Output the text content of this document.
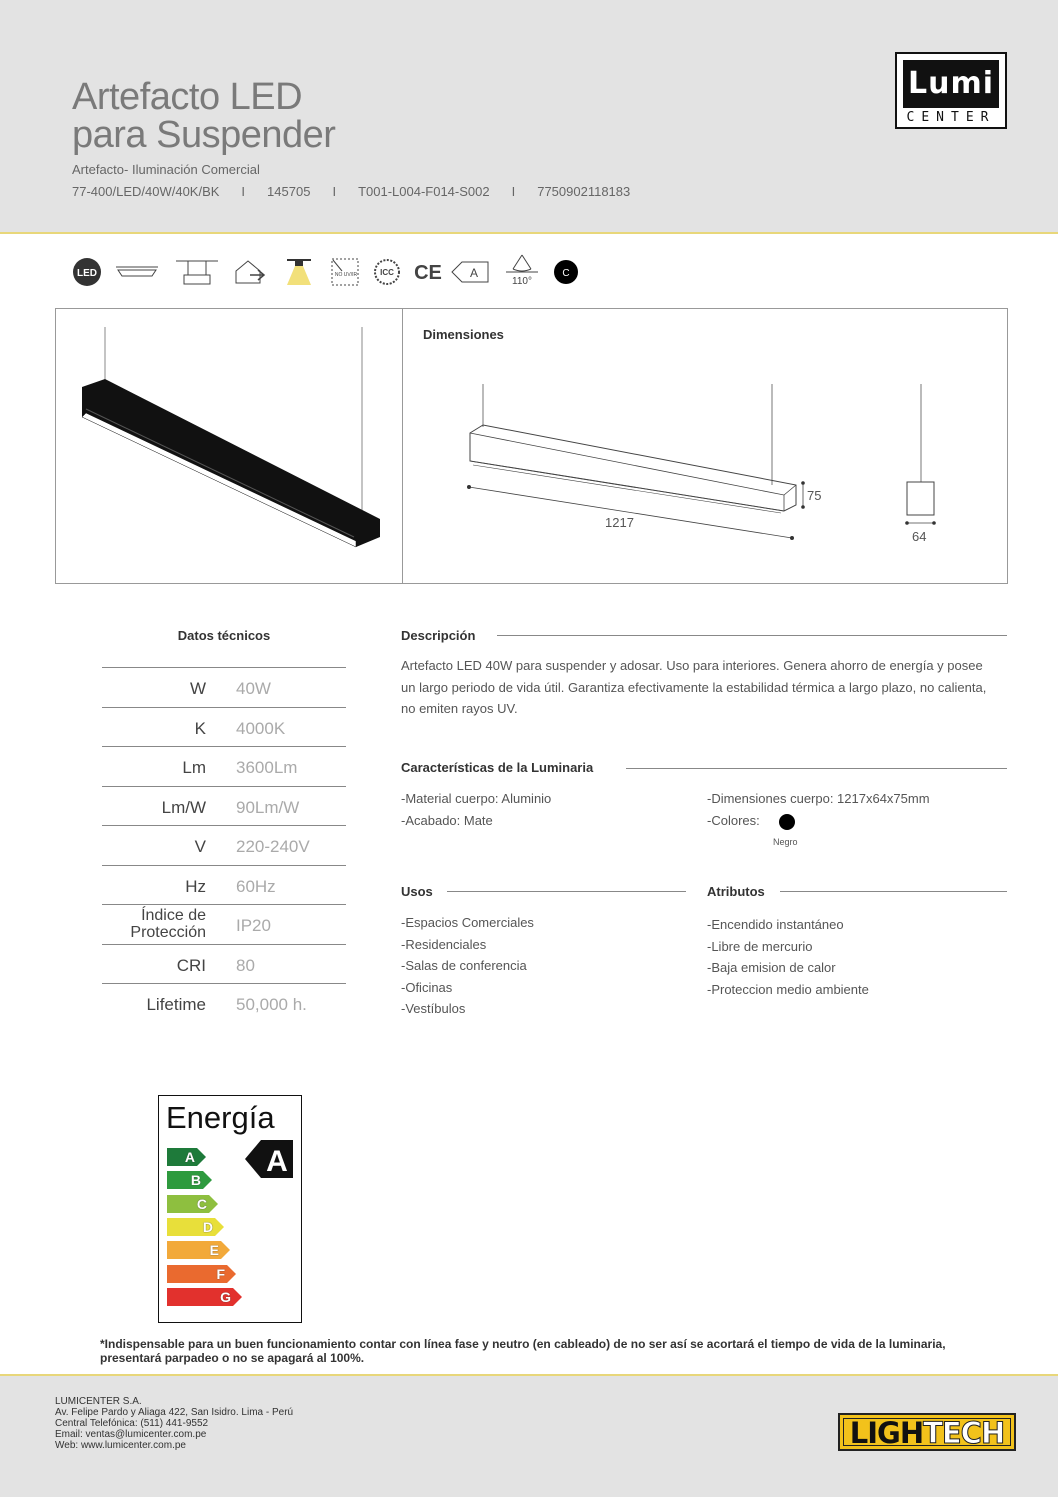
Artefacto LED
para Suspender
Artefacto- Iluminación Comercial
77-400/LED/40W/40K/BK	I	145705	I	T001-L004-F014-S002	I	7750902118183
Lumi
CENTER
LED	NO UV/IR	ICC CE A
110°
C
Dimensiones
1217
75
64
Datos técnicos
W 40W
K 4000K
Lm 3600Lm
Lm/W 90Lm/W
V 220-240V
Hz 60Hz
Índice de
Protección IP20
CRI 80
Lifetime 50,000 h.
Descripción
Artefacto LED 40W para suspender y adosar. Uso para interiores. Genera ahorro de energía y posee
un largo periodo de vida útil. Garantiza efectivamente la estabilidad térmica a largo plazo, no calienta,
no emiten rayos UV.
Características de la Luminaria
-Material cuerpo: Aluminio
-Acabado: Mate
-Dimensiones cuerpo: 1217x64x75mm
-Colores:
Negro
Usos
-Espacios Comerciales
-Residenciales
-Salas de conferencia
-Oficinas
-Vestíbulos
Atributos
-Encendido instantáneo
-Libre de mercurio
-Baja emision de calor
-Proteccion medio ambiente
Energía
A
B
C
D
E
F
G
A
*Indispensable para un buen funcionamiento contar con línea fase y neutro (en cableado) de no ser así se acortará el tiempo de vida de la luminaria,
presentará parpadeo o no se apagará al 100%.
LUMICENTER S.A.
Av. Felipe Pardo y Aliaga 422, San Isidro. Lima - Perú
Central Telefónica: (511) 441-9552
Email: ventas@lumicenter.com.pe
Web: www.lumicenter.com.pe	LIGHTECH
